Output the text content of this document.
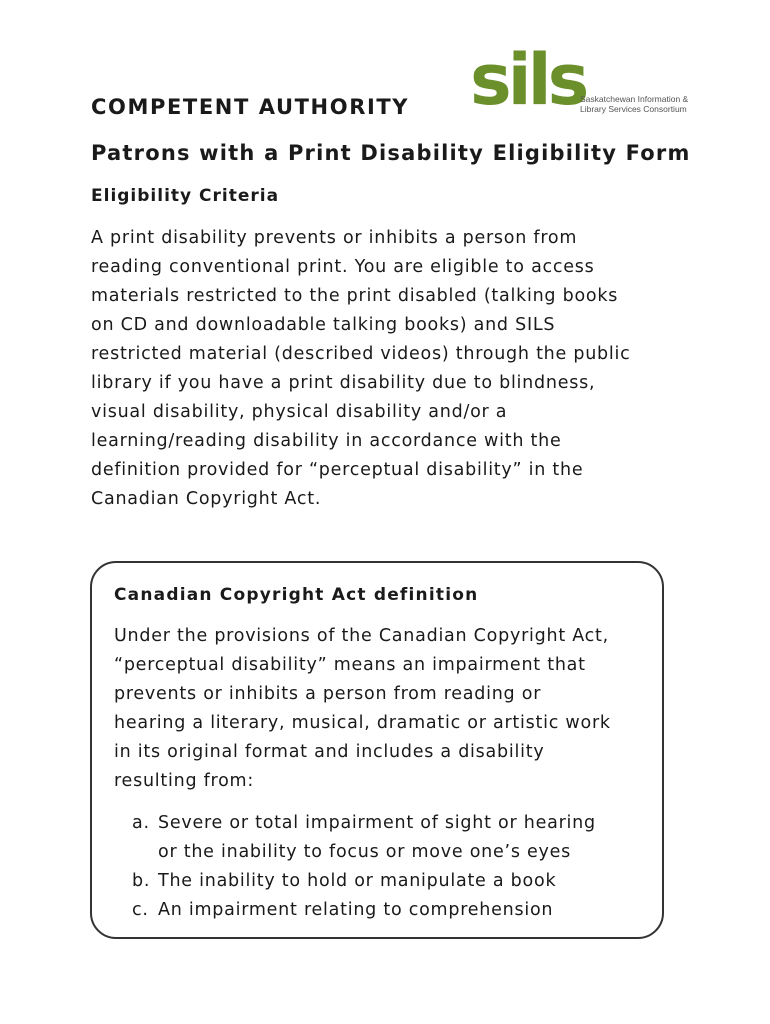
sils
Saskatchewan Information &
Library Services Consortium
COMPETENT AUTHORITY
Patrons with a Print Disability Eligibility Form
Eligibility Criteria

A print disability prevents or inhibits a person from
reading conventional print. You are eligible to access
materials restricted to the print disabled (talking books
on CD and downloadable talking books) and SILS
restricted material (described videos) through the public
library if you have a print disability due to blindness,
visual disability, physical disability and/or a
learning/reading disability in accordance with the
definition provided for “perceptual disability” in the
Canadian Copyright Act.

Canadian Copyright Act definition

Under the provisions of the Canadian Copyright Act,
“perceptual disability” means an impairment that
prevents or inhibits a person from reading or
hearing a literary, musical, dramatic or artistic work
in its original format and includes a disability
resulting from:

a. Severe or total impairment of sight or hearing
or the inability to focus or move one’s eyes
b. The inability to hold or manipulate a book
c. An impairment relating to comprehension
